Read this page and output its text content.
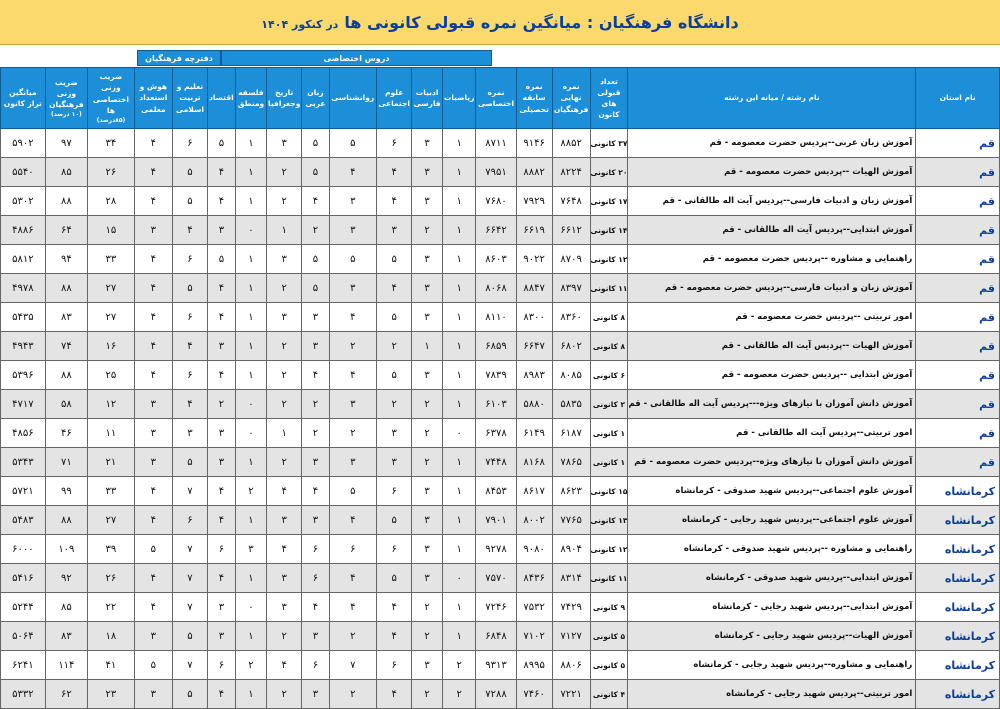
دانشگاه فرهنگیان : میانگین نمره قبولی کانونی ها
در کنکور ۱۴۰۴
دفترچه فرهنگیان	دروس اختصاصی
نام استان	نام رشته / میانه این رشته	تعداد قبولی های کانون	نمره نهایی فرهنگیان	نمره سابقه تحصیلی	نمره اختصاصی	ریاضیات	ادبیات فارسی	علوم اجتماعی	روانشناسی	زبان عربی	تاریخ وجغرافیا	فلسفه ومنطق	اقتصاد	تعلیم و تربیت اسلامی	هوش و استعداد معلمی	ضریب وزنی اختصاصی ها
(۸۵درصد)	ضریب وزنی فرهنگیان
(۱۰ درصد)	میانگین تراز کانون
قم	آموزش زبان عربی--پردیس حضرت معصومه - قم	۳۷ کانونی	۸۸۵۲	۹۱۴۶	۸۷۱۱	۱	۳	۶	۵	۵	۳	۱	۵	۶	۴	۳۴	۹۷	۵۹۰۲
قم	آموزش الهیات --پردیس حضرت معصومه - قم	۲۰ کانونی	۸۲۲۴	۸۸۸۲	۷۹۵۱	۱	۳	۴	۴	۵	۲	۱	۴	۵	۴	۲۶	۸۵	۵۵۴۰
قم	آموزش زبان و ادبیات فارسی--پردیس آیت اله طالقانی - قم	۱۷ کانونی	۷۶۴۸	۷۹۲۹	۷۶۸۰	۱	۳	۴	۳	۴	۲	۱	۴	۵	۴	۲۸	۸۸	۵۳۰۲
قم	آموزش ابتدایی--پردیس آیت اله طالقانی - قم	۱۴ کانونی	۶۶۱۲	۶۶۱۹	۶۶۴۲	۱	۲	۳	۳	۲	۱	۰	۳	۴	۳	۱۵	۶۴	۴۸۸۶
قم	راهنمایی و مشاوره --پردیس حضرت معصومه - قم	۱۲ کانونی	۸۷۰۹	۹۰۲۲	۸۶۰۳	۱	۳	۵	۵	۵	۳	۱	۵	۶	۴	۳۳	۹۴	۵۸۱۲
قم	آموزش زبان و ادبیات فارسی--پردیس حضرت معصومه - قم	۱۱ کانونی	۸۳۹۷	۸۸۴۷	۸۰۶۸	۱	۳	۴	۳	۵	۲	۱	۴	۵	۴	۲۷	۸۸	۴۹۷۸
قم	امور تربیتی --پردیس حضرت معصومه - قم	۸ کانونی	۸۳۶۰	۸۳۰۰	۸۱۱۰	۱	۳	۵	۴	۳	۳	۱	۴	۶	۴	۲۷	۸۳	۵۴۳۵
قم	آموزش الهیات --پردیس آیت اله طالقانی - قم	۸ کانونی	۶۸۰۲	۶۶۴۷	۶۸۵۹	۱	۱	۲	۲	۳	۲	۱	۳	۴	۴	۱۶	۷۴	۴۹۴۳
قم	آموزش ابتدایی --پردیس حضرت معصومه - قم	۶ کانونی	۸۰۸۵	۸۹۸۳	۷۸۳۹	۱	۳	۵	۴	۴	۲	۱	۴	۶	۴	۲۵	۸۸	۵۳۹۶
قم	آموزش دانش آموزان با نیازهای ویژه---پردیس آیت اله طالقانی - قم	۲ کانونی	۵۸۳۵	۵۸۸۰	۶۱۰۳	۱	۲	۲	۳	۲	۲	۰	۲	۴	۳	۱۲	۵۸	۴۷۱۷
قم	امور تربیتی--پردیس آیت اله طالقانی - قم	۱ کانونی	۶۱۸۷	۶۱۴۹	۶۳۷۸	۰	۲	۳	۲	۲	۱	۰	۳	۳	۳	۱۱	۴۶	۴۸۵۶
قم	آموزش دانش آموزان با نیازهای ویژه--پردیس حضرت معصومه - قم	۱ کانونی	۷۸۶۵	۸۱۶۸	۷۴۴۸	۱	۲	۳	۳	۳	۲	۱	۳	۵	۳	۲۱	۷۱	۵۳۴۳
کرمانشاه	آموزش علوم اجتماعی--پردیس شهید صدوقی - کرمانشاه	۱۵ کانونی	۸۶۲۳	۸۶۱۷	۸۴۵۳	۱	۳	۶	۵	۴	۴	۲	۴	۷	۴	۳۳	۹۹	۵۷۲۱
کرمانشاه	آموزش علوم اجتماعی--پردیس شهید رجایی - کرمانشاه	۱۳ کانونی	۷۷۶۵	۸۰۰۲	۷۹۰۱	۱	۳	۵	۴	۳	۳	۱	۴	۶	۴	۲۷	۸۸	۵۴۸۳
کرمانشاه	راهنمایی و مشاوره --پردیس شهید صدوقی - کرمانشاه	۱۲ کانونی	۸۹۰۴	۹۰۸۰	۹۲۷۸	۱	۳	۶	۶	۶	۴	۳	۶	۷	۵	۳۹	۱۰۹	۶۰۰۰
کرمانشاه	آموزش ابتدایی--پردیس شهید صدوقی - کرمانشاه	۱۱ کانونی	۸۳۱۴	۸۴۳۶	۷۵۷۰	۰	۳	۵	۴	۶	۳	۱	۴	۷	۴	۲۶	۹۲	۵۴۱۶
کرمانشاه	آموزش ابتدایی--پردیس شهید رجایی - کرمانشاه	۹ کانونی	۷۴۲۹	۷۵۳۲	۷۲۴۶	۱	۲	۴	۴	۴	۳	۰	۳	۷	۴	۲۲	۸۵	۵۲۴۴
کرمانشاه	آموزش الهیات--پردیس شهید رجایی - کرمانشاه	۵ کانونی	۷۱۲۷	۷۱۰۲	۶۸۴۸	۱	۲	۴	۲	۳	۲	۱	۳	۵	۳	۱۸	۸۳	۵۰۶۴
کرمانشاه	راهنمایی و مشاوره--پردیس شهید رجایی - کرمانشاه	۵ کانونی	۸۸۰۶	۸۹۹۵	۹۳۱۳	۲	۳	۶	۷	۶	۴	۲	۶	۷	۵	۴۱	۱۱۴	۶۲۴۱
کرمانشاه	امور تربیتی--پردیس شهید رجایی - کرمانشاه	۴ کانونی	۷۲۲۱	۷۴۶۰	۷۲۸۸	۲	۲	۴	۲	۳	۲	۱	۴	۵	۳	۲۳	۶۲	۵۳۳۲
